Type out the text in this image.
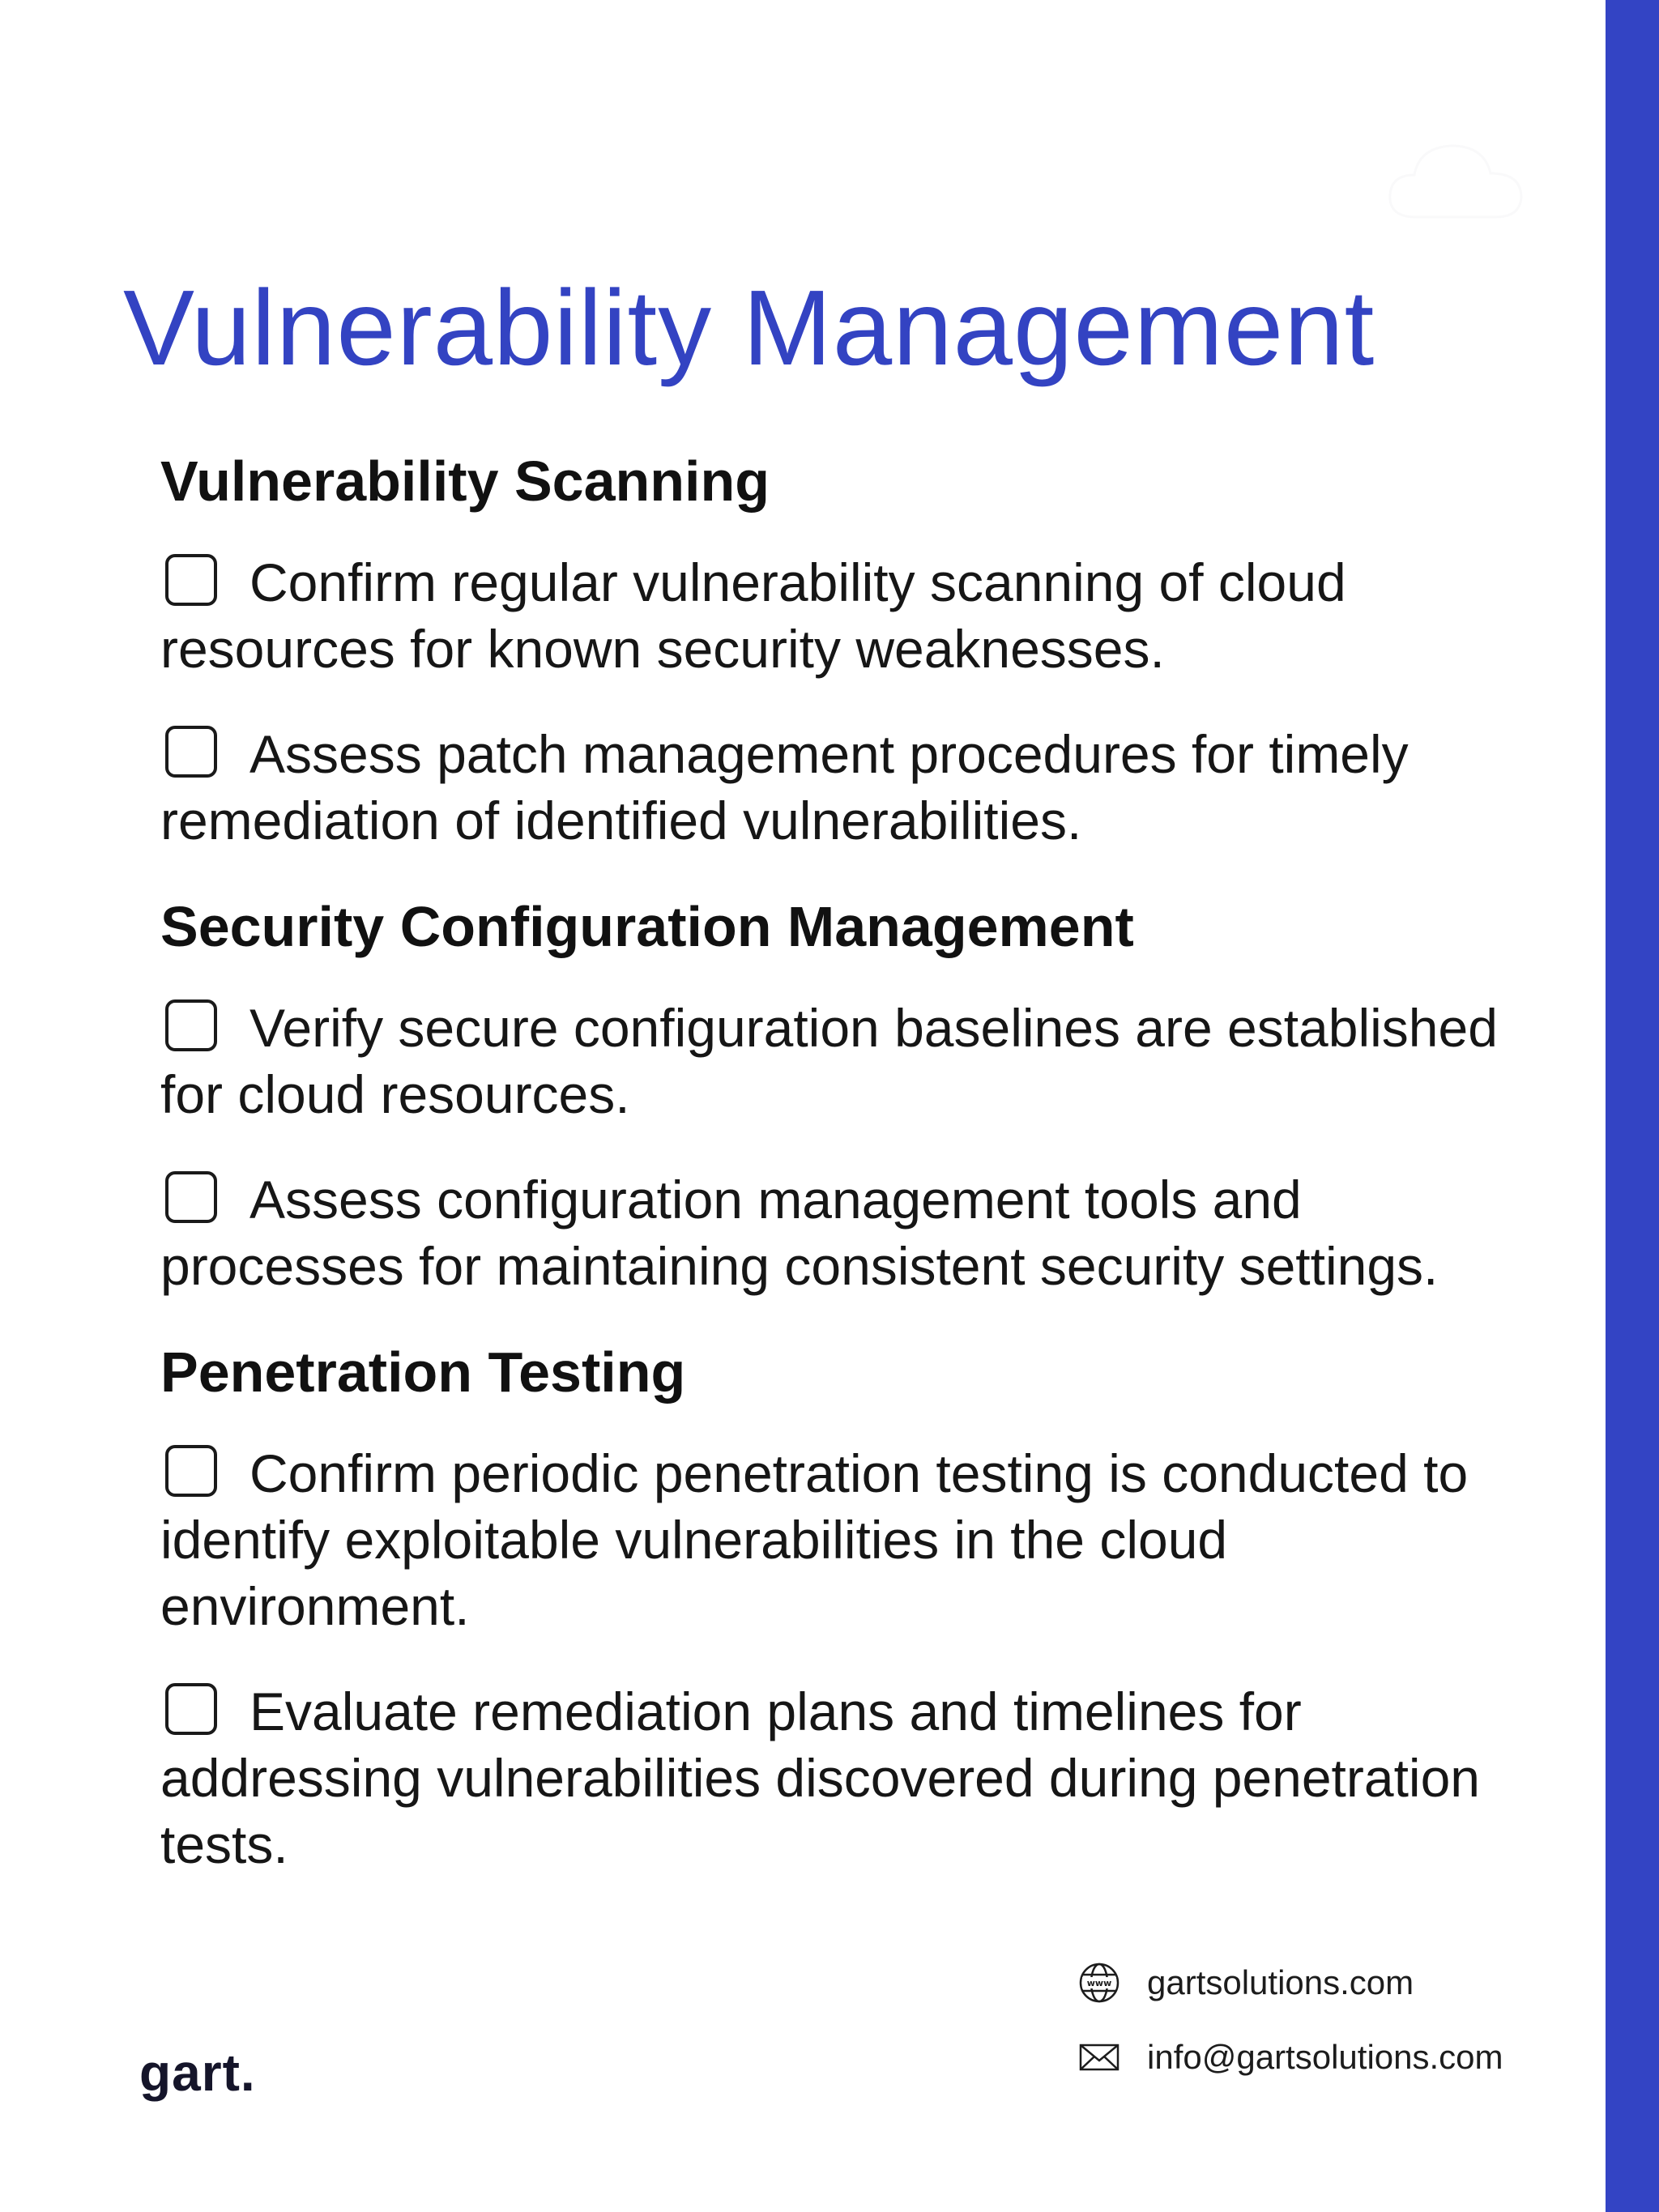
Vulnerability Management
Vulnerability Scanning
Confirm regular vulnerability scanning of cloud resources for known security weaknesses.
Assess patch management procedures for timely remediation of identified vulnerabilities.
Security Configuration Management
Verify secure configuration baselines are established for cloud resources.
Assess configuration management tools and processes for maintaining consistent security settings.
Penetration Testing
Confirm periodic penetration testing is conducted to identify exploitable vulnerabilities in the cloud environment.
Evaluate remediation plans and timelines for addressing vulnerabilities discovered during penetration tests.
www gartsolutions.com
info@gartsolutions.com
gart.
